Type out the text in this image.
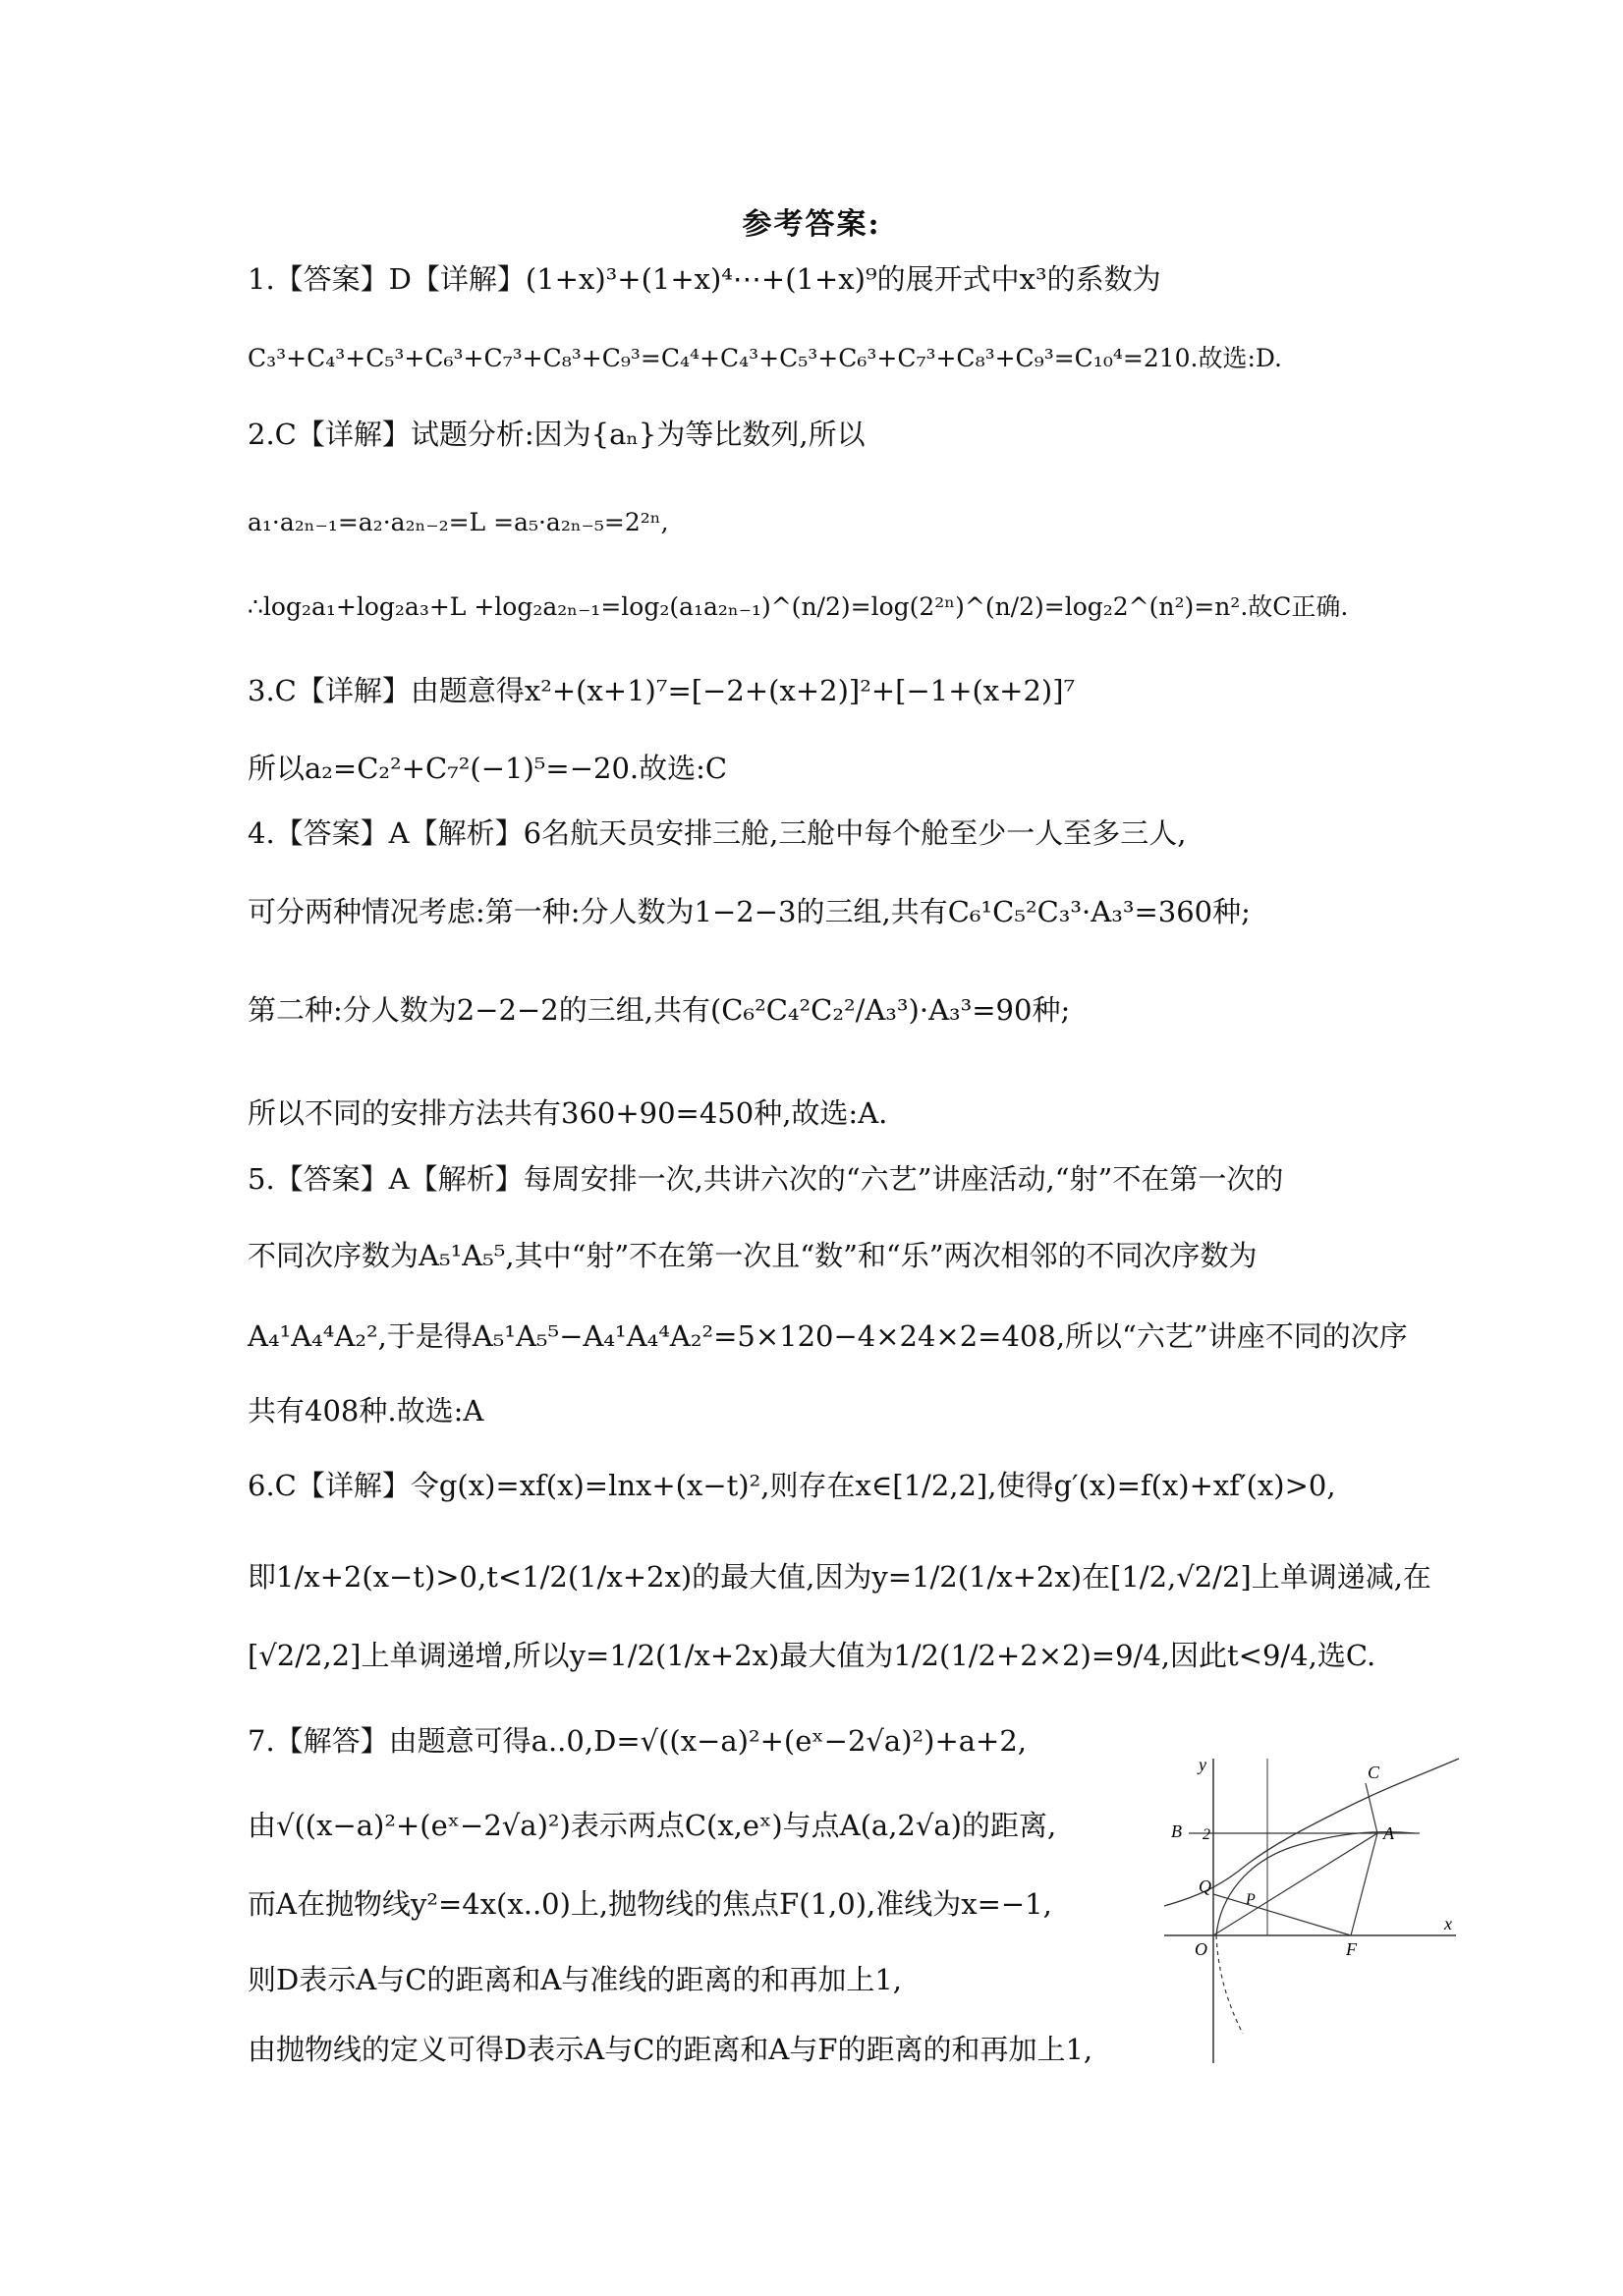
参考答案:
1.【答案】D【详解】(1+x)³+(1+x)⁴⋯+(1+x)⁹的展开式中x³的系数为
C₃³+C₄³+C₅³+C₆³+C₇³+C₈³+C₉³=C₄⁴+C₄³+C₅³+C₆³+C₇³+C₈³+C₉³=C₁₀⁴=210.故选:D.
2.C【详解】试题分析:因为{aₙ}为等比数列,所以
a₁·a₂ₙ₋₁=a₂·a₂ₙ₋₂=L =a₅·a₂ₙ₋₅=2²ⁿ,
∴log₂a₁+log₂a₃+L +log₂a₂ₙ₋₁=log₂(a₁a₂ₙ₋₁)^(n/2)=log(2²ⁿ)^(n/2)=log₂2^(n²)=n².故C正确.
3.C【详解】由题意得x²+(x+1)⁷=[−2+(x+2)]²+[−1+(x+2)]⁷
所以a₂=C₂²+C₇²(−1)⁵=−20.故选:C
4.【答案】A【解析】6名航天员安排三舱,三舱中每个舱至少一人至多三人,
可分两种情况考虑:第一种:分人数为1−2−3的三组,共有C₆¹C₅²C₃³·A₃³=360种;
第二种:分人数为2−2−2的三组,共有(C₆²C₄²C₂²/A₃³)·A₃³=90种;
所以不同的安排方法共有360+90=450种,故选:A.
5.【答案】A【解析】每周安排一次,共讲六次的“六艺”讲座活动,“射”不在第一次的
不同次序数为A₅¹A₅⁵,其中“射”不在第一次且“数”和“乐”两次相邻的不同次序数为
A₄¹A₄⁴A₂²,于是得A₅¹A₅⁵−A₄¹A₄⁴A₂²=5×120−4×24×2=408,所以“六艺”讲座不同的次序
共有408种.故选:A
6.C【详解】令g(x)=xf(x)=lnx+(x−t)²,则存在x∈[1/2,2],使得g′(x)=f(x)+xf′(x)>0,
即1/x+2(x−t)>0,t<1/2(1/x+2x)的最大值,因为y=1/2(1/x+2x)在[1/2,√2/2]上单调递减,在
[√2/2,2]上单调递增,所以y=1/2(1/x+2x)最大值为1/2(1/2+2×2)=9/4,因此t<9/4,选C.
7.【解答】由题意可得a..0,D=√((x−a)²+(eˣ−2√a)²)+a+2,
由√((x−a)²+(eˣ−2√a)²)表示两点C(x,eˣ)与点A(a,2√a)的距离,
而A在抛物线y²=4x(x..0)上,抛物线的焦点F(1,0),准线为x=−1,
则D表示A与C的距离和A与准线的距离的和再加上1,
由抛物线的定义可得D表示A与C的距离和A与F的距离的和再加上1,
y
x
B 2	A
C
Q
P
O	F
